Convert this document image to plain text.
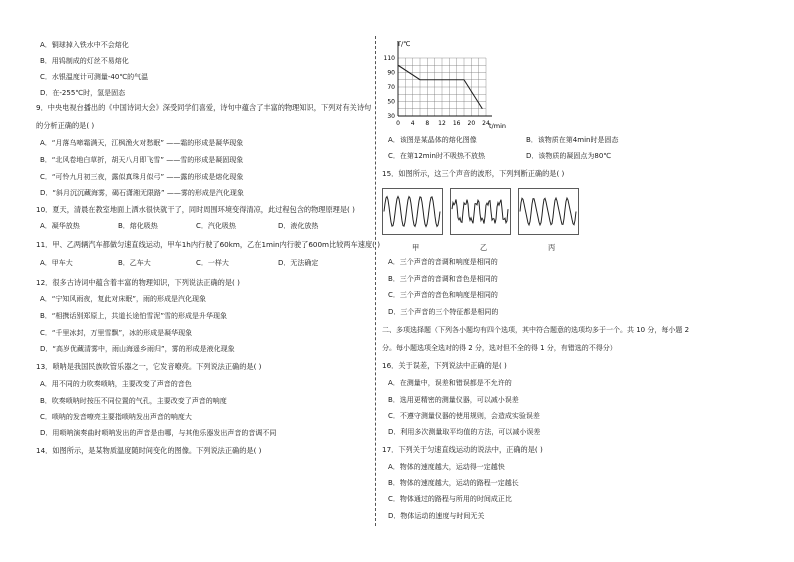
A．铜球掉入铁水中不会熔化
B．用钨制成的灯丝不易熔化
C．水银温度计可测量-40℃的气温
D．在-255℃时，氢是固态
9．中央电视台播出的《中国诗词大会》深受同学们喜爱，诗句中蕴含了丰富的物理知识，下列对有关诗句
的分析正确的是( )
A．“月落乌啼霜满天，江枫渔火对愁眠” ——霜的形成是凝华现象
B．“北风卷地白草折，胡天八月即飞雪” ——雪的形成是凝固现象
C．“可怜九月初三夜，露似真珠月似弓” ——露的形成是熔化现象
D．“斜月沉沉藏海雾，碣石潇湘无限路” ——雾的形成是汽化现象
10．夏天，清晨在教室地面上洒水很快就干了，同时周围环境变得清凉，此过程包含的物理原理是( )
A．凝华放热	B．熔化吸热	C．汽化吸热	D．液化放热
11．甲、乙两辆汽车都做匀速直线运动，甲车1h内行驶了60km，乙在1min内行驶了600m比较两车速度( )
A．甲车大	B．乙车大	C．一样大	D．无法确定
12．很多古诗词中蕴含着丰富的物理知识，下列说法正确的是( )
A．“宁知风雨夜，复此对床眠”，雨的形成是汽化现象
B．“相携话别郑原上，共道长途怕雪泥”雪的形成是升华现象
C．“千里冰封，万里雪飘”，冰的形成是凝华现象
D．“高岁优藏清雾中，雨山海遥乡雨归”，雾的形成是液化现象
13．唢呐是我国民族吹管乐器之一，它发音嘹亮。下列说法正确的是( )
A．用不同的力吹奏唢呐，主要改变了声音的音色
B．吹奏唢呐时按压不同位置的气孔，主要改变了声音的响度
C．唢呐的发音嘹亮主要指唢呐发出声音的响度大
D．用唢呐演奏曲时唢呐发出的声音是由哪，与其他乐器发出声音的音调不同
14．如图所示，是某物质温度随时间变化的图像。下列说法正确的是( )
T/℃
t/min
110
90
70
50
30
0 4 8 12 16 20 24
A．该图是某晶体的熔化图像	B．该物质在第4min时是固态
C．在第12min时不吸热不放热	D．该物质的凝固点为80℃
15．如图所示，这三个声音的波形，下列判断正确的是( )
甲	乙	丙
A．三个声音的音调和响度是相同的
B．三个声音的音调和音色是相同的
C．三个声音的音色和响度是相同的
D．三个声音的三个特征都是相同的
二、多项选择题（下列各小题均有四个选项，其中符合题意的选项均多于一个。共 10 分，每小题 2
分。每小题选项全选对的得 2 分，选对但不全的得 1 分，有错选的不得分）
16．关于误差，下列说法中正确的是( )
A．在测量中，误差和错误都是不允许的
B．选用更精密的测量仪器，可以减小误差
C．不遵守测量仪器的使用规则，会造成实验误差
D．利用多次测量取平均值的方法，可以减小误差
17．下列关于匀速直线运动的说法中，正确的是( )
A．物体的速度越大，运动得一定越快
B．物体的速度越大，运动的路程一定越长
C．物体通过的路程与所用的时间成正比
D．物体运动的速度与时间无关
